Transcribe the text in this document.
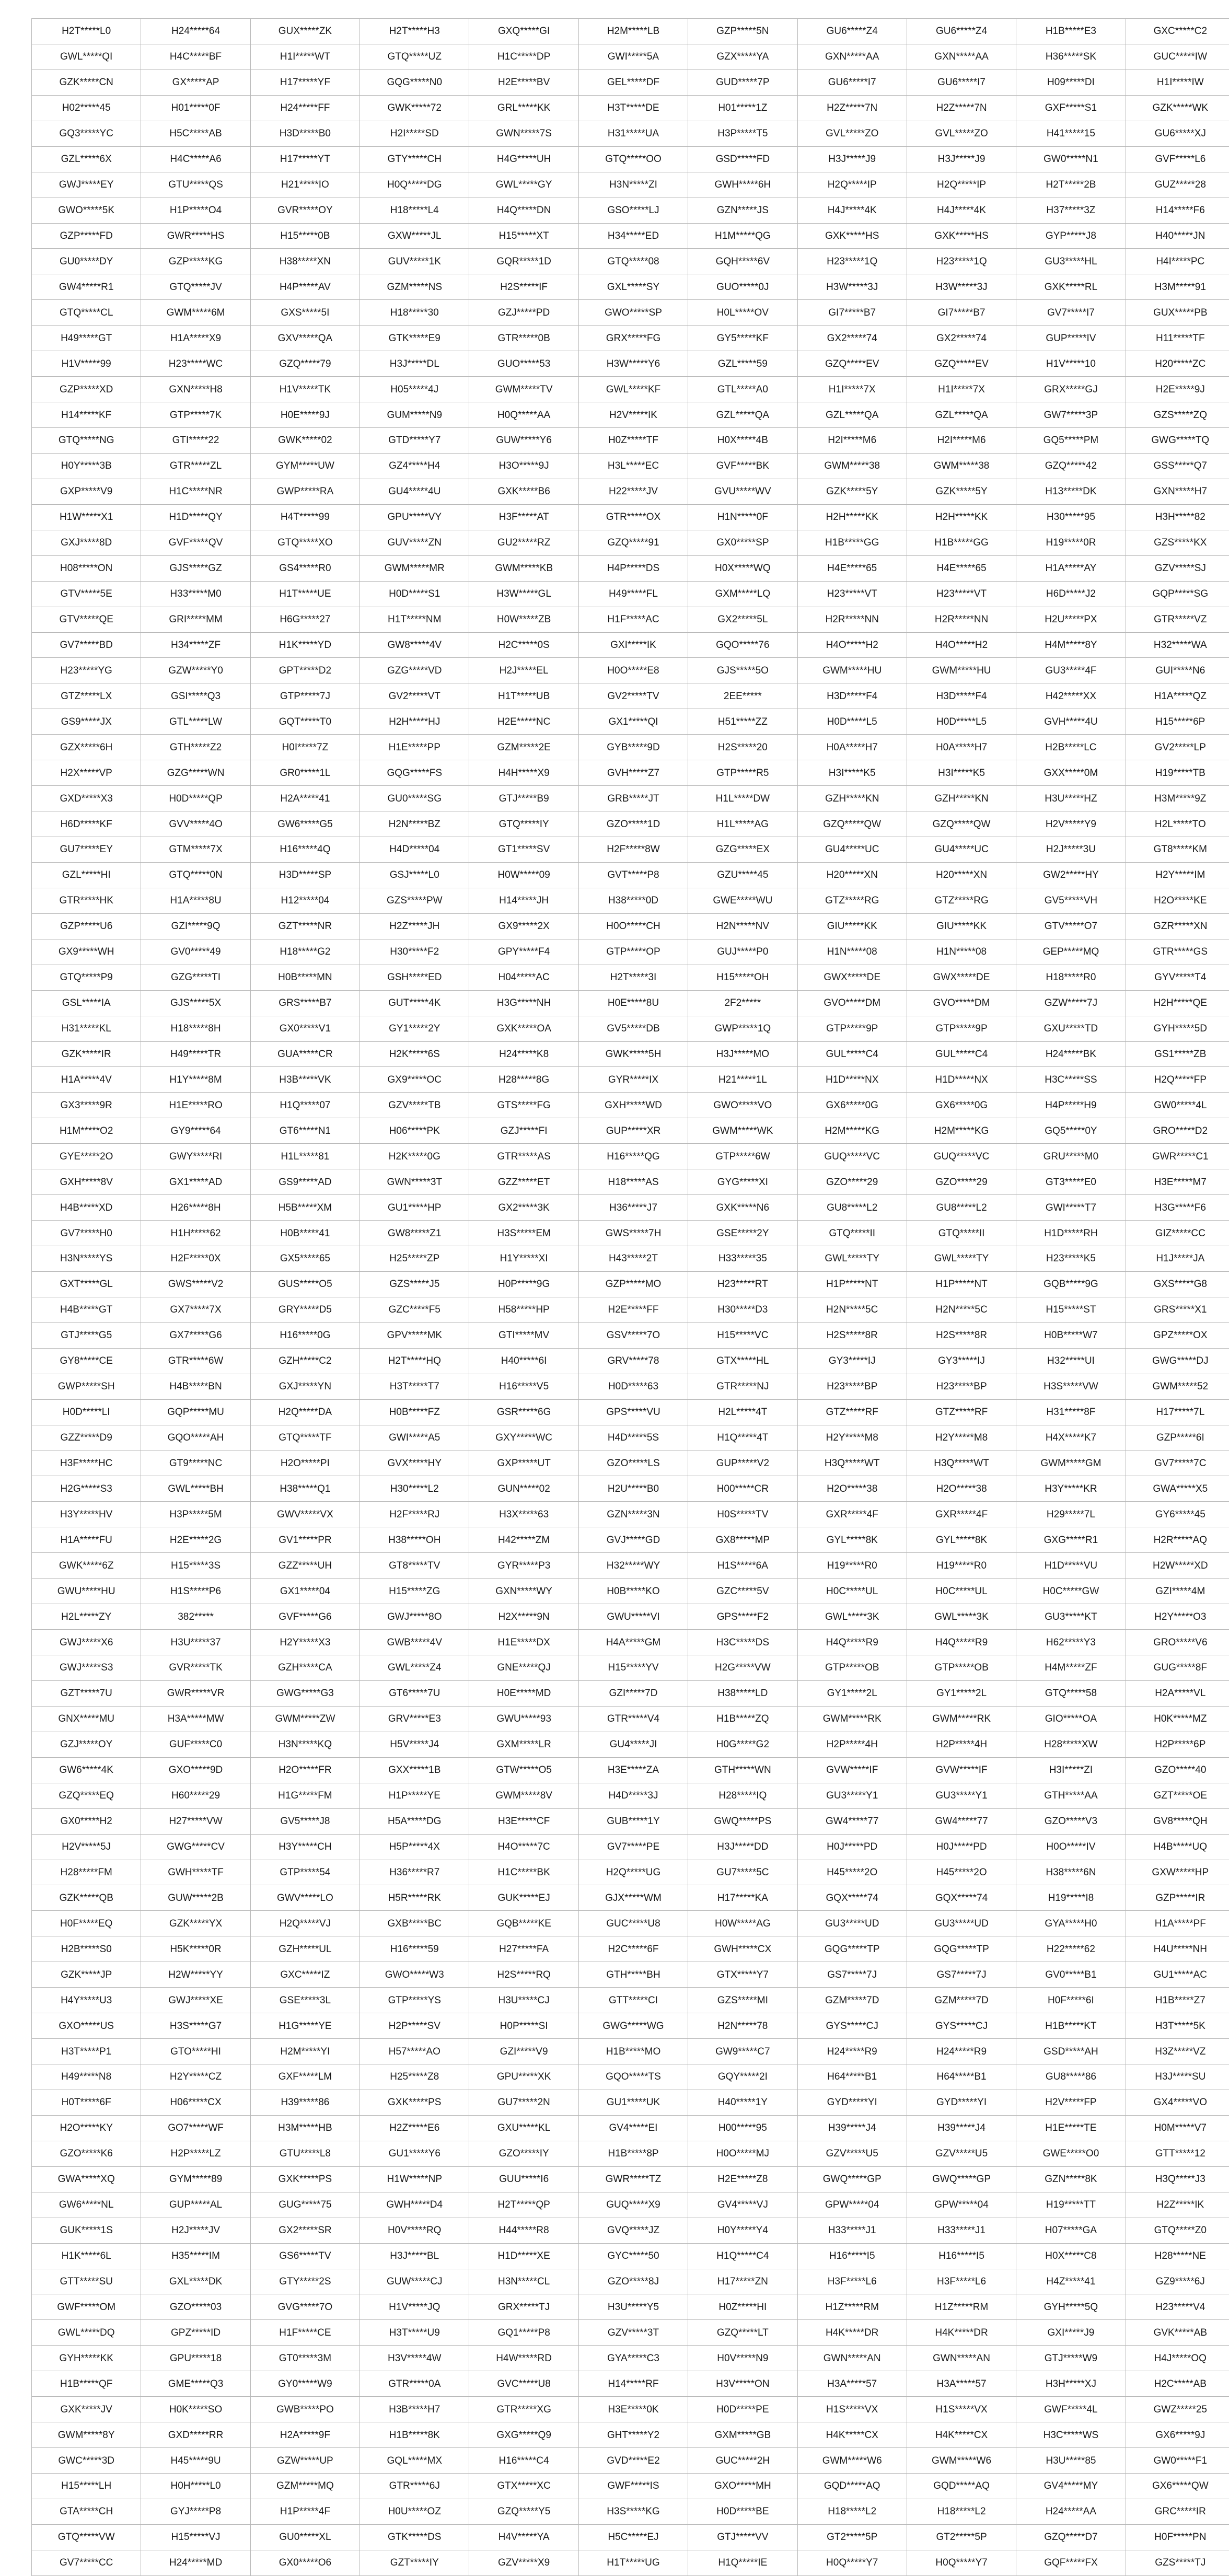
H2T*****L0	H24*****64	GUX*****ZK	H2T*****H3	GXQ*****GI	H2M*****LB	GZP*****5N	GU6*****Z4	GU6*****Z4	H1B*****E3	GXC*****C2
GWL*****QI	H4C*****BF	H1I*****WT	GTQ*****UZ	H1C*****DP	GWI*****5A	GZX*****YA	GXN*****AA	GXN*****AA	H36*****SK	GUC*****IW
GZK*****CN	GX*****AP	H17*****YF	GQG*****N0	H2E*****BV	GEL*****DF	GUD*****7P	GU6*****I7	GU6*****I7	H09*****DI	H1I*****IW
H02*****45	H01*****0F	H24*****FF	GWK*****72	GRL*****KK	H3T*****DE	H01*****1Z	H2Z*****7N	H2Z*****7N	GXF*****S1	GZK*****WK
GQ3*****YC	H5C*****AB	H3D*****B0	H2I*****SD	GWN*****7S	H31*****UA	H3P*****T5	GVL*****ZO	GVL*****ZO	H41*****15	GU6*****XJ
GZL*****6X	H4C*****A6	H17*****YT	GTY*****CH	H4G*****UH	GTQ*****OO	GSD*****FD	H3J*****J9	H3J*****J9	GW0*****N1	GVF*****L6
GWJ*****EY	GTU*****QS	H21*****IO	H0Q*****DG	GWL*****GY	H3N*****ZI	GWH*****6H	H2Q*****IP	H2Q*****IP	H2T*****2B	GUZ*****28
GWO*****5K	H1P*****O4	GVR*****OY	H18*****L4	H4Q*****DN	GSO*****LJ	GZN*****JS	H4J*****4K	H4J*****4K	H37*****3Z	H14*****F6
GZP*****FD	GWR*****HS	H15*****0B	GXW*****JL	H15*****XT	H34*****ED	H1M*****QG	GXK*****HS	GXK*****HS	GYP*****J8	H40*****JN
GU0*****DY	GZP*****KG	H38*****XN	GUV*****1K	GQR*****1D	GTQ*****08	GQH*****6V	H23*****1Q	H23*****1Q	GU3*****HL	H4I*****PC
GW4*****R1	GTQ*****JV	H4P*****AV	GZM*****NS	H2S*****IF	GXL*****SY	GUO*****0J	H3W*****3J	H3W*****3J	GXK*****RL	H3M*****91
GTQ*****CL	GWM*****6M	GXS*****5I	H18*****30	GZJ*****PD	GWO*****SP	H0L*****OV	GI7*****B7	GI7*****B7	GV7*****I7	GUX*****PB
H49*****GT	H1A*****X9	GXV*****QA	GTK*****E9	GTR*****0B	GRX*****FG	GY5*****KF	GX2*****74	GX2*****74	GUP*****IV	H11*****TF
H1V*****99	H23*****WC	GZQ*****79	H3J*****DL	GUO*****53	H3W*****Y6	GZL*****59	GZQ*****EV	GZQ*****EV	H1V*****10	H20*****ZC
GZP*****XD	GXN*****H8	H1V*****TK	H05*****4J	GWM*****TV	GWL*****KF	GTL*****A0	H1I*****7X	H1I*****7X	GRX*****GJ	H2E*****9J
H14*****KF	GTP*****7K	H0E*****9J	GUM*****N9	H0Q*****AA	H2V*****IK	GZL*****QA	GZL*****QA	GZL*****QA	GW7*****3P	GZS*****ZQ
GTQ*****NG	GTI*****22	GWK*****02	GTD*****Y7	GUW*****Y6	H0Z*****TF	H0X*****4B	H2I*****M6	H2I*****M6	GQ5*****PM	GWG*****TQ
H0Y*****3B	GTR*****ZL	GYM*****UW	GZ4*****H4	H3O*****9J	H3L*****EC	GVF*****BK	GWM*****38	GWM*****38	GZQ*****42	GSS*****Q7
GXP*****V9	H1C*****NR	GWP*****RA	GU4*****4U	GXK*****B6	H22*****JV	GVU*****WV	GZK*****5Y	GZK*****5Y	H13*****DK	GXN*****H7
H1W*****X1	H1D*****QY	H4T*****99	GPU*****VY	H3F*****AT	GTR*****OX	H1N*****0F	H2H*****KK	H2H*****KK	H30*****95	H3H*****82
GXJ*****8D	GVF*****QV	GTQ*****XO	GUV*****ZN	GU2*****RZ	GZQ*****91	GX0*****SP	H1B*****GG	H1B*****GG	H19*****0R	GZS*****KX
H08*****ON	GJS*****GZ	GS4*****R0	GWM*****MR	GWM*****KB	H4P*****DS	H0X*****WQ	H4E*****65	H4E*****65	H1A*****AY	GZV*****SJ
GTV*****5E	H33*****M0	H1T*****UE	H0D*****S1	H3W*****GL	H49*****FL	GXM*****LQ	H23*****VT	H23*****VT	H6D*****J2	GQP*****SG
GTV*****QE	GRI*****MM	H6G*****27	H1T*****NM	H0W*****ZB	H1F*****AC	GX2*****5L	H2R*****NN	H2R*****NN	H2U*****PX	GTR*****VZ
GV7*****BD	H34*****ZF	H1K*****YD	GW8*****4V	H2C*****0S	GXI*****IK	GQO*****76	H4O*****H2	H4O*****H2	H4M*****8Y	H32*****WA
H23*****YG	GZW*****Y0	GPT*****D2	GZG*****VD	H2J*****EL	H0O*****E8	GJS*****5O	GWM*****HU	GWM*****HU	GU3*****4F	GUI*****N6
GTZ*****LX	GSI*****Q3	GTP*****7J	GV2*****VT	H1T*****UB	GV2*****TV	2EE*****	H3D*****F4	H3D*****F4	H42*****XX	H1A*****QZ
GS9*****JX	GTL*****LW	GQT*****T0	H2H*****HJ	H2E*****NC	GX1*****QI	H51*****ZZ	H0D*****L5	H0D*****L5	GVH*****4U	H15*****6P
GZX*****6H	GTH*****Z2	H0I*****7Z	H1E*****PP	GZM*****2E	GYB*****9D	H2S*****20	H0A*****H7	H0A*****H7	H2B*****LC	GV2*****LP
H2X*****VP	GZG*****WN	GR0*****1L	GQG*****FS	H4H*****X9	GVH*****Z7	GTP*****R5	H3I*****K5	H3I*****K5	GXX*****0M	H19*****TB
GXD*****X3	H0D*****QP	H2A*****41	GU0*****SG	GTJ*****B9	GRB*****JT	H1L*****DW	GZH*****KN	GZH*****KN	H3U*****HZ	H3M*****9Z
H6D*****KF	GVV*****4O	GW6*****G5	H2N*****BZ	GTQ*****IY	GZO*****1D	H1L*****AG	GZQ*****QW	GZQ*****QW	H2V*****Y9	H2L*****TO
GU7*****EY	GTM*****7X	H16*****4Q	H4D*****04	GT1*****SV	H2F*****8W	GZG*****EX	GU4*****UC	GU4*****UC	H2J*****3U	GT8*****KM
GZL*****HI	GTQ*****0N	H3D*****SP	GSJ*****L0	H0W*****09	GVT*****P8	GZU*****45	H20*****XN	H20*****XN	GW2*****HY	H2Y*****IM
GTR*****HK	H1A*****8U	H12*****04	GZS*****PW	H14*****JH	H38*****0D	GWE*****WU	GTZ*****RG	GTZ*****RG	GV5*****VH	H2O*****KE
GZP*****U6	GZI*****9Q	GZT*****NR	H2Z*****JH	GX9*****2X	H0O*****CH	H2N*****NV	GIU*****KK	GIU*****KK	GTV*****O7	GZR*****XN
GX9*****WH	GV0*****49	H18*****G2	H30*****F2	GPY*****F4	GTP*****OP	GUJ*****P0	H1N*****08	H1N*****08	GEP*****MQ	GTR*****GS
GTQ*****P9	GZG*****TI	H0B*****MN	GSH*****ED	H04*****AC	H2T*****3I	H15*****OH	GWX*****DE	GWX*****DE	H18*****R0	GYV*****T4
GSL*****IA	GJS*****5X	GRS*****B7	GUT*****4K	H3G*****NH	H0E*****8U	2F2*****	GVO*****DM	GVO*****DM	GZW*****7J	H2H*****QE
H31*****KL	H18*****8H	GX0*****V1	GY1*****2Y	GXK*****OA	GV5*****DB	GWP*****1Q	GTP*****9P	GTP*****9P	GXU*****TD	GYH*****5D
GZK*****IR	H49*****TR	GUA*****CR	H2K*****6S	H24*****K8	GWK*****5H	H3J*****MO	GUL*****C4	GUL*****C4	H24*****BK	GS1*****ZB
H1A*****4V	H1Y*****8M	H3B*****VK	GX9*****OC	H28*****8G	GYR*****IX	H21*****1L	H1D*****NX	H1D*****NX	H3C*****SS	H2Q*****FP
GX3*****9R	H1E*****RO	H1Q*****07	GZV*****TB	GTS*****FG	GXH*****WD	GWO*****VO	GX6*****0G	GX6*****0G	H4P*****H9	GW0*****4L
H1M*****O2	GY9*****64	GT6*****N1	H06*****PK	GZJ*****FI	GUP*****XR	GWM*****WK	H2M*****KG	H2M*****KG	GQ5*****0Y	GRO*****D2
GYE*****2O	GWY*****RI	H1L*****81	H2K*****0G	GTR*****AS	H16*****QG	GTP*****6W	GUQ*****VC	GUQ*****VC	GRU*****M0	GWR*****C1
GXH*****8V	GX1*****AD	GS9*****AD	GWN*****3T	GZZ*****ET	H18*****AS	GYG*****XI	GZO*****29	GZO*****29	GT3*****E0	H3E*****M7
H4B*****XD	H26*****8H	H5B*****XM	GU1*****HP	GX2*****3K	H36*****J7	GXK*****N6	GU8*****L2	GU8*****L2	GWI*****T7	H3G*****F6
GV7*****H0	H1H*****62	H0B*****41	GW8*****Z1	H3S*****EM	GWS*****7H	GSE*****2Y	GTQ*****II	GTQ*****II	H1D*****RH	GIZ*****CC
H3N*****YS	H2F*****0X	GX5*****65	H25*****ZP	H1Y*****XI	H43*****2T	H33*****35	GWL*****TY	GWL*****TY	H23*****K5	H1J*****JA
GXT*****GL	GWS*****V2	GUS*****O5	GZS*****J5	H0P*****9G	GZP*****MO	H23*****RT	H1P*****NT	H1P*****NT	GQB*****9G	GXS*****G8
H4B*****GT	GX7*****7X	GRY*****D5	GZC*****F5	H58*****HP	H2E*****FF	H30*****D3	H2N*****5C	H2N*****5C	H15*****ST	GRS*****X1
GTJ*****G5	GX7*****G6	H16*****0G	GPV*****MK	GTI*****MV	GSV*****7O	H15*****VC	H2S*****8R	H2S*****8R	H0B*****W7	GPZ*****OX
GY8*****CE	GTR*****6W	GZH*****C2	H2T*****HQ	H40*****6I	GRV*****78	GTX*****HL	GY3*****IJ	GY3*****IJ	H32*****UI	GWG*****DJ
GWP*****SH	H4B*****BN	GXJ*****YN	H3T*****T7	H16*****V5	H0D*****63	GTR*****NJ	H23*****BP	H23*****BP	H3S*****VW	GWM*****52
H0D*****LI	GQP*****MU	H2Q*****DA	H0B*****FZ	GSR*****6G	GPS*****VU	H2L*****4T	GTZ*****RF	GTZ*****RF	H31*****8F	H17*****7L
GZZ*****D9	GQO*****AH	GTQ*****TF	GWI*****A5	GXY*****WC	H4D*****5S	H1Q*****4T	H2Y*****M8	H2Y*****M8	H4X*****K7	GZP*****6I
H3F*****HC	GT9*****NC	H2O*****PI	GVX*****HY	GXP*****UT	GZO*****LS	GUP*****V2	H3Q*****WT	H3Q*****WT	GWM*****GM	GV7*****7C
H2G*****S3	GWL*****BH	H38*****Q1	H30*****L2	GUN*****02	H2U*****B0	H00*****CR	H2O*****38	H2O*****38	H3Y*****KR	GWA*****X5
H3Y*****HV	H3P*****5M	GWV*****VX	H2F*****RJ	H3X*****63	GZN*****3N	H0S*****TV	GXR*****4F	GXR*****4F	H29*****7L	GY6*****45
H1A*****FU	H2E*****2G	GV1*****PR	H38*****OH	H42*****ZM	GVJ*****GD	GX8*****MP	GYL*****8K	GYL*****8K	GXG*****R1	H2R*****AQ
GWK*****6Z	H15*****3S	GZZ*****UH	GT8*****TV	GYR*****P3	H32*****WY	H1S*****6A	H19*****R0	H19*****R0	H1D*****VU	H2W*****XD
GWU*****HU	H1S*****P6	GX1*****04	H15*****ZG	GXN*****WY	H0B*****KO	GZC*****5V	H0C*****UL	H0C*****UL	H0C*****GW	GZI*****4M
H2L*****ZY	382*****	GVF*****G6	GWJ*****8O	H2X*****9N	GWU*****VI	GPS*****F2	GWL*****3K	GWL*****3K	GU3*****KT	H2Y*****O3
GWJ*****X6	H3U*****37	H2Y*****X3	GWB*****4V	H1E*****DX	H4A*****GM	H3C*****DS	H4Q*****R9	H4Q*****R9	H62*****Y3	GRO*****V6
GWJ*****S3	GVR*****TK	GZH*****CA	GWL*****Z4	GNE*****QJ	H15*****YV	H2G*****VW	GTP*****OB	GTP*****OB	H4M*****ZF	GUG*****8F
GZT*****7U	GWR*****VR	GWG*****G3	GT6*****7U	H0E*****MD	GZI*****7D	H38*****LD	GY1*****2L	GY1*****2L	GTQ*****58	H2A*****VL
GNX*****MU	H3A*****MW	GWM*****ZW	GRV*****E3	GWU*****93	GTR*****V4	H1B*****ZQ	GWM*****RK	GWM*****RK	GIO*****OA	H0K*****MZ
GZJ*****OY	GUF*****C0	H3N*****KQ	H5V*****J4	GXM*****LR	GU4*****JI	H0G*****G2	H2P*****4H	H2P*****4H	H28*****XW	H2P*****6P
GW6*****4K	GXO*****9D	H2O*****FR	GXX*****1B	GTW*****O5	H3E*****ZA	GTH*****WN	GVW*****IF	GVW*****IF	H3I*****ZI	GZO*****40
GZQ*****EQ	H60*****29	H1G*****FM	H1P*****YE	GWM*****8V	H4D*****3J	H28*****IQ	GU3*****Y1	GU3*****Y1	GTH*****AA	GZT*****OE
GX0*****H2	H27*****VW	GV5*****J8	H5A*****DG	H3E*****CF	GUB*****1Y	GWQ*****PS	GW4*****77	GW4*****77	GZO*****V3	GV8*****QH
H2V*****5J	GWG*****CV	H3Y*****CH	H5P*****4X	H4O*****7C	GV7*****PE	H3J*****DD	H0J*****PD	H0J*****PD	H0O*****IV	H4B*****UQ
H28*****FM	GWH*****TF	GTP*****54	H36*****R7	H1C*****BK	H2Q*****UG	GU7*****5C	H45*****2O	H45*****2O	H38*****6N	GXW*****HP
GZK*****QB	GUW*****2B	GWV*****LO	H5R*****RK	GUK*****EJ	GJX*****WM	H17*****KA	GQX*****74	GQX*****74	H19*****I8	GZP*****IR
H0F*****EQ	GZK*****YX	H2Q*****VJ	GXB*****BC	GQB*****KE	GUC*****U8	H0W*****AG	GU3*****UD	GU3*****UD	GYA*****H0	H1A*****PF
H2B*****S0	H5K*****0R	GZH*****UL	H16*****59	H27*****FA	H2C*****6F	GWH*****CX	GQG*****TP	GQG*****TP	H22*****62	H4U*****NH
GZK*****JP	H2W*****YY	GXC*****IZ	GWO*****W3	H2S*****RQ	GTH*****BH	GTX*****Y7	GS7*****7J	GS7*****7J	GV0*****B1	GU1*****AC
H4Y*****U3	GWJ*****XE	GSE*****3L	GTP*****YS	H3U*****CJ	GTT*****CI	GZS*****MI	GZM*****7D	GZM*****7D	H0F*****6I	H1B*****Z7
GXO*****US	H3S*****G7	H1G*****YE	H2P*****SV	H0P*****SI	GWG*****WG	H2N*****78	GYS*****CJ	GYS*****CJ	H1B*****KT	H3T*****5K
H3T*****P1	GTO*****HI	H2M*****YI	H57*****AO	GZI*****V9	H1B*****MO	GW9*****C7	H24*****R9	H24*****R9	GSD*****AH	H3Z*****VZ
H49*****N8	H2Y*****CZ	GXF*****LM	H25*****Z8	GPU*****XK	GQO*****TS	GQY*****2I	H64*****B1	H64*****B1	GU8*****86	H3J*****SU
H0T*****6F	H06*****CX	H39*****86	GXK*****PS	GU7*****2N	GU1*****UK	H40*****1Y	GYD*****YI	GYD*****YI	H2V*****FP	GX4*****VO
H2O*****KY	GO7*****WF	H3M*****HB	H2Z*****E6	GXU*****KL	GV4*****EI	H00*****95	H39*****J4	H39*****J4	H1E*****TE	H0M*****V7
GZO*****K6	H2P*****LZ	GTU*****L8	GU1*****Y6	GZO*****IY	H1B*****8P	H0O*****MJ	GZV*****U5	GZV*****U5	GWE*****O0	GTT*****12
GWA*****XQ	GYM*****89	GXK*****PS	H1W*****NP	GUU*****I6	GWR*****TZ	H2E*****Z8	GWQ*****GP	GWQ*****GP	GZN*****8K	H3Q*****J3
GW6*****NL	GUP*****AL	GUG*****75	GWH*****D4	H2T*****QP	GUQ*****X9	GV4*****VJ	GPW*****04	GPW*****04	H19*****TT	H2Z*****IK
GUK*****1S	H2J*****JV	GX2*****SR	H0V*****RQ	H44*****R8	GVQ*****JZ	H0Y*****Y4	H33*****J1	H33*****J1	H07*****GA	GTQ*****Z0
H1K*****6L	H35*****IM	GS6*****TV	H3J*****BL	H1D*****XE	GYC*****50	H1Q*****C4	H16*****I5	H16*****I5	H0X*****C8	H28*****NE
GTT*****SU	GXL*****DK	GTY*****2S	GUW*****CJ	H3N*****CL	GZO*****8J	H17*****ZN	H3F*****L6	H3F*****L6	H4Z*****41	GZ9*****6J
GWF*****OM	GZO*****03	GVG*****7O	H1V*****JQ	GRX*****TJ	H3U*****Y5	H0Z*****HI	H1Z*****RM	H1Z*****RM	GYH*****5Q	H23*****V4
GWL*****DQ	GPZ*****ID	H1F*****CE	H3T*****U9	GQ1*****P8	GZV*****3T	GZQ*****LT	H4K*****DR	H4K*****DR	GXI*****J9	GVK*****AB
GYH*****KK	GPU*****18	GT0*****3M	H3V*****4W	H4W*****RD	GYA*****C3	H0V*****N9	GWN*****AN	GWN*****AN	GTJ*****W9	H4J*****OQ
H1B*****QF	GME*****Q3	GY0*****W9	GTR*****0A	GVC*****U8	H14*****RF	H3V*****ON	H3A*****57	H3A*****57	H3H*****XJ	H2C*****AB
GXK*****JV	H0K*****SO	GWB*****PO	H3B*****H7	GTR*****XG	H3E*****0K	H0D*****PE	H1S*****VX	H1S*****VX	GWF*****4L	GWZ*****25
GWM*****8Y	GXD*****RR	H2A*****9F	H1B*****8K	GXG*****Q9	GHT*****Y2	GXM*****GB	H4K*****CX	H4K*****CX	H3C*****WS	GX6*****9J
GWC*****3D	H45*****9U	GZW*****UP	GQL*****MX	H16*****C4	GVD*****E2	GUC*****2H	GWM*****W6	GWM*****W6	H3U*****85	GW0*****F1
H15*****LH	H0H*****L0	GZM*****MQ	GTR*****6J	GTX*****XC	GWF*****IS	GXO*****MH	GQD*****AQ	GQD*****AQ	GV4*****MY	GX6*****QW
GTA*****CH	GYJ*****P8	H1P*****4F	H0U*****OZ	GZQ*****Y5	H3S*****KG	H0D*****BE	H18*****L2	H18*****L2	H24*****AA	GRC*****IR
GTQ*****VW	H15*****VJ	GU0*****XL	GTK*****DS	H4V*****YA	H5C*****EJ	GTJ*****VV	GT2*****5P	GT2*****5P	GZQ*****D7	H0F*****PN
GV7*****CC	H24*****MD	GX0*****O6	GZT*****IY	GZV*****X9	H1T*****UG	H1Q*****IE	H0Q*****Y7	H0Q*****Y7	GQF*****FX	GZS*****TJ
